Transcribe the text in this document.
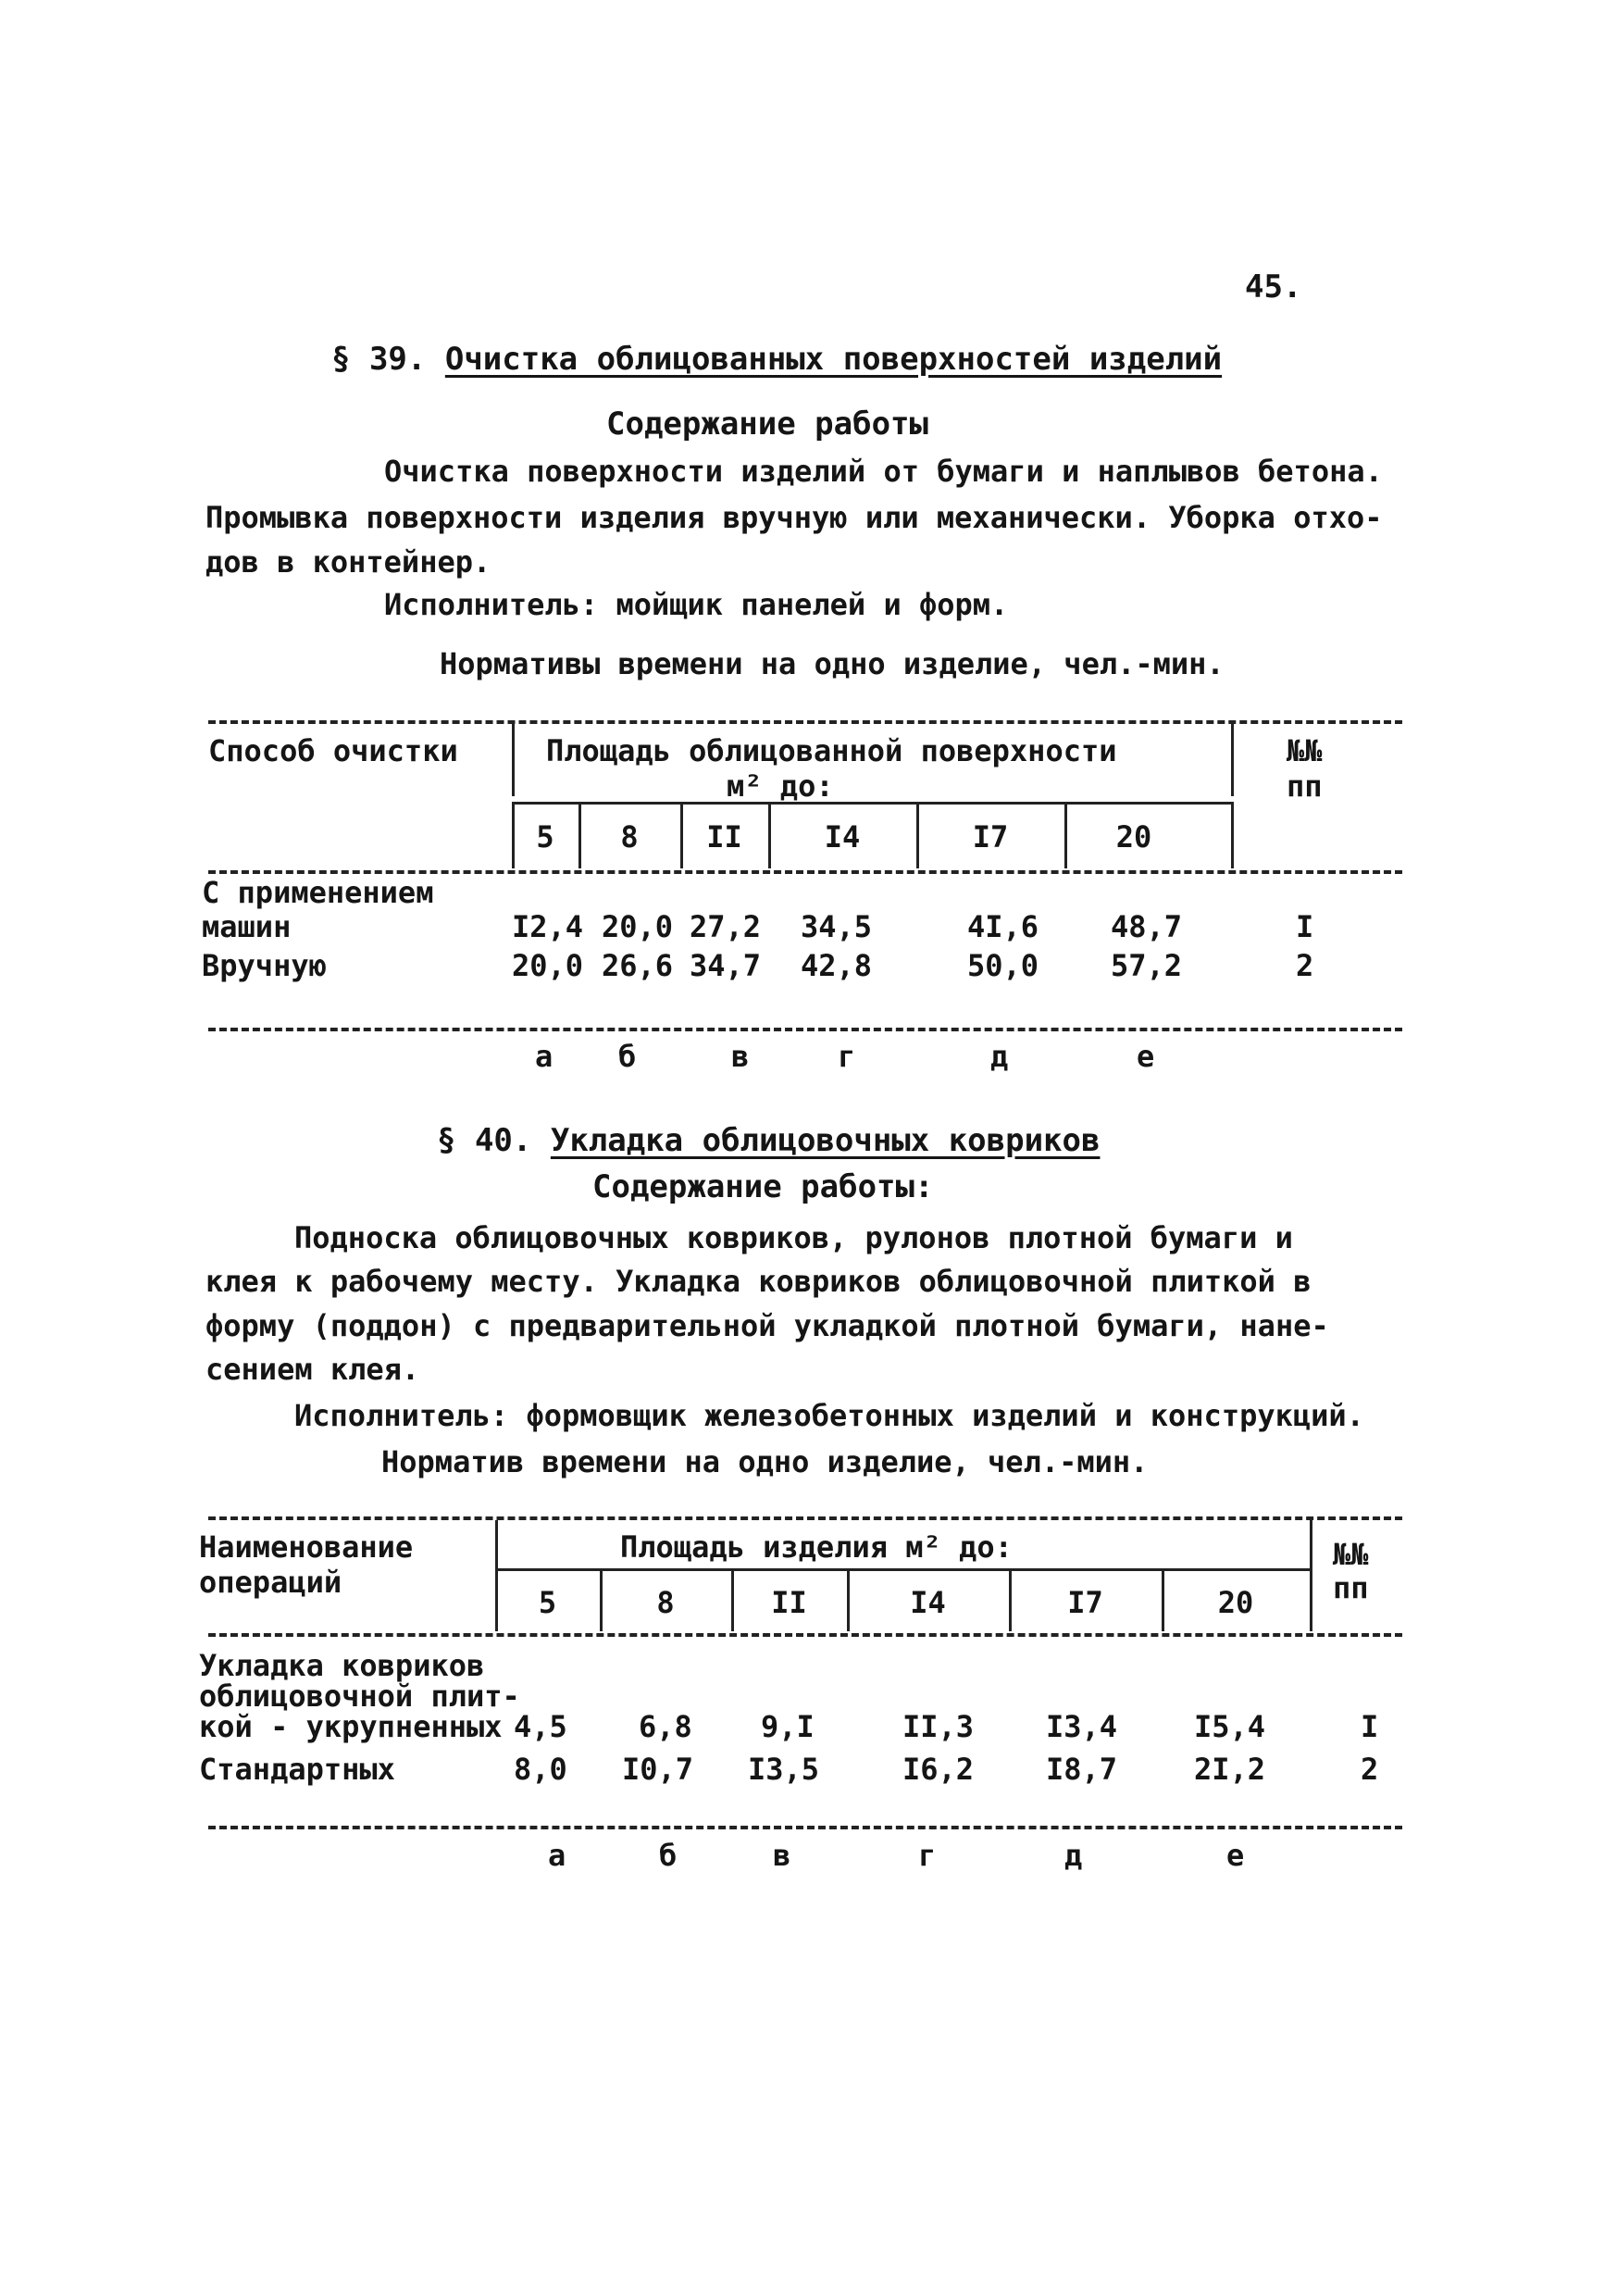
45.
§ 39. Очистка облицованных поверхностей изделий
Содержание работы
Очистка поверхности изделий от бумаги и наплывов бетона.
Промывка поверхности изделия вручную или механически. Уборка отхо-
дов в контейнер.
Исполнитель: мойщик панелей и форм.
Нормативы времени на одно изделие, чел.-мин.
Способ очистки	Площадь облицованной поверхности
м² до:
№№
пп
5	8	II	I4	I7	20
С применением
машин	I2,4 20,0 27,2 34,5	4I,6 48,7	I
Вручную	20,0 26,6 34,7 42,8	50,0 57,2	2
а б	в	г	д	е
§ 40. Укладка облицовочных ковриков
Содержание работы:
Подноска облицовочных ковриков, рулонов плотной бумаги и
клея к рабочему месту. Укладка ковриков облицовочной плиткой в
форму (поддон) с предварительной укладкой плотной бумаги, нане-
сением клея.
Исполнитель: формовщик железобетонных изделий и конструкций.
Норматив времени на одно изделие, чел.-мин.
Наименование
операций
Площадь изделия м² до:	№№
пп
5	8	II	I4	I7	20
Укладка ковриков
облицовочной плит-
кой - укрупненных 4,5 6,8 9,I	II,3 I3,4	I5,4	I
Стандартных	8,0 I0,7 I3,5	I6,2 I8,7	2I,2	2
а	б	в	г	д	е
